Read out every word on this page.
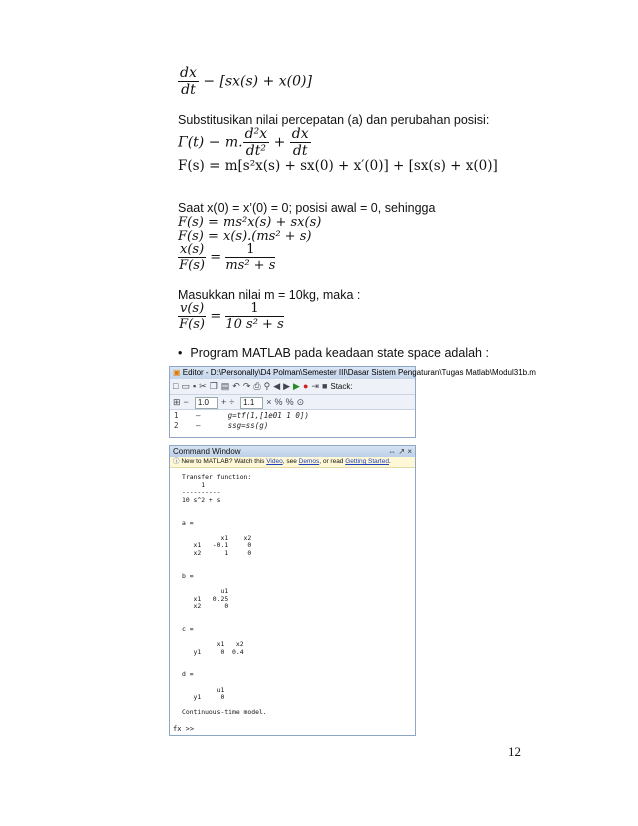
$\frac{dx}{dt} - [sx(s) + x(0)]$
Substitusikan nilai percepatan (a) dan perubahan posisi:
Γ(t) − m. $\frac{\text{d²x}}{\text{dt²}} + \frac{dx}{dt}$
F(s) = m[s²x(s) + sx(0) + x′(0)] + [sx(s) + x(0)]
Saat x(0) = x’(0) = 0; posisi awal = 0, sehingga
F(s) = ms²x(s) + sx(s)
F(s) = x(s).(ms² + s)
$\frac{x(s)}{F(s)} = \frac{1}{\text{ms² + s}}$
Masukkan nilai m = 10kg, maka :
$\frac{v(s)}{F(s)} = \frac{1}{\text{10 s² + s}}$
• Program MATLAB pada keadaan state space adalah :
▣ Editor - D:\Personally\D4 Polman\Semester III\Dasar Sistem Pengaturan\Tugas Matlab\Modul31b.m
□ ▭ ▪ ✂ ❐ ▤ ↶ ↷ ⎙ ⚲ ◀ ▶ ▶ ● ⇥ ■ Stack:
⊞ − 1.0 + ÷ 1.1 × % % ⊙
1 –      g=tf(1,[1e01 1 0])
2 –      ssg=ss(g)
Command Window	⇔ ↗ ×
ⓘ New to MATLAB? Watch this Video, see Demos, or read Getting Started.
Transfer function:
1
----------
10 s^2 + s

a =

x1    x2
x1   -0.1     0
x2      1     0

b =

u1
x1   0.25
x2      0

c =

x1   x2
y1     0  0.4

d =

u1
y1     0

Continuous-time model.
fx >>
12
